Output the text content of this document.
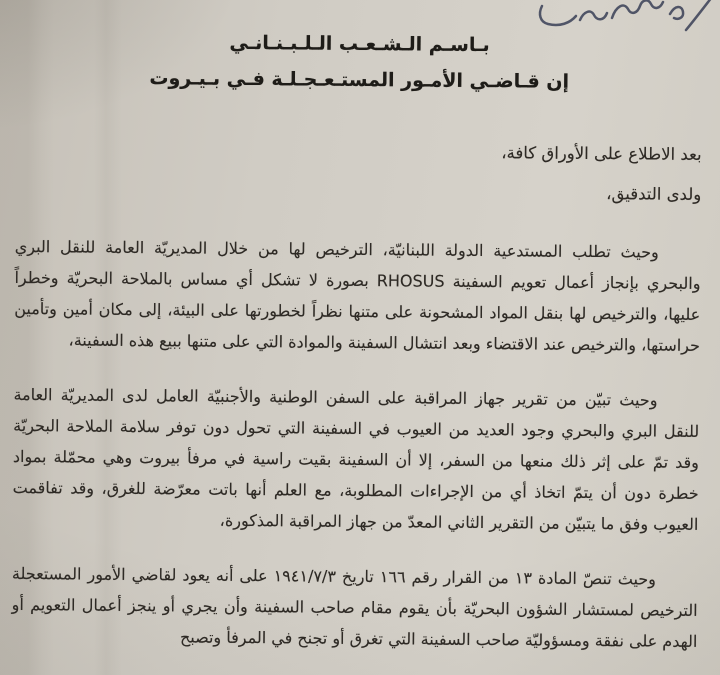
بـاسـم الـشـعـب الـلـبـنـانـي
إن قـاضـي الأمـور المستـعـجـلـة فـي بـيـروت

بعد الاطلاع على الأوراق كافة،

ولدى التدقيق،

وحيث تطلب المستدعية الدولة اللبنانيّة، الترخيص لها من خلال المديريّة العامة للنقل البري والبحري بإنجاز أعمال تعويم السفينة RHOSUS بصورة لا تشكل أي مساس بالملاحة البحريّة وخطراً عليها، والترخيص لها بنقل المواد المشحونة على متنها نظراً لخطورتها على البيئة، إلى مكان أمين وتأمين حراستها، والترخيص عند الاقتضاء وبعد انتشال السفينة والموادة التي على متنها ببيع هذه السفينة،

وحيث تبيّن من تقرير جهاز المراقبة على السفن الوطنية والأجنبيّة العامل لدى المديريّة العامة للنقل البري والبحري وجود العديد من العيوب في السفينة التي تحول دون توفر سلامة الملاحة البحريّة وقد تمّ على إثر ذلك منعها من السفر، إلا أن السفينة بقيت راسية في مرفأ بيروت وهي محمّلة بمواد خطرة دون أن يتمّ اتخاذ أي من الإجراءات المطلوبة، مع العلم أنها باتت معرّضة للغرق، وقد تفاقمت العيوب وفق ما يتبيّن من التقرير الثاني المعدّ من جهاز المراقبة المذكورة،

وحيث تنصّ المادة ١٣ من القرار رقم ١٦٦ تاريخ ١٩٤١/٧/٣ على أنه يعود لقاضي الأمور المستعجلة الترخيص لمستشار الشؤون البحريّة بأن يقوم مقام صاحب السفينة وأن يجري أو ينجز أعمال التعويم أو الهدم على نفقة ومسؤوليّة صاحب السفينة التي تغرق أو تجنح في المرفأ وتصبح
